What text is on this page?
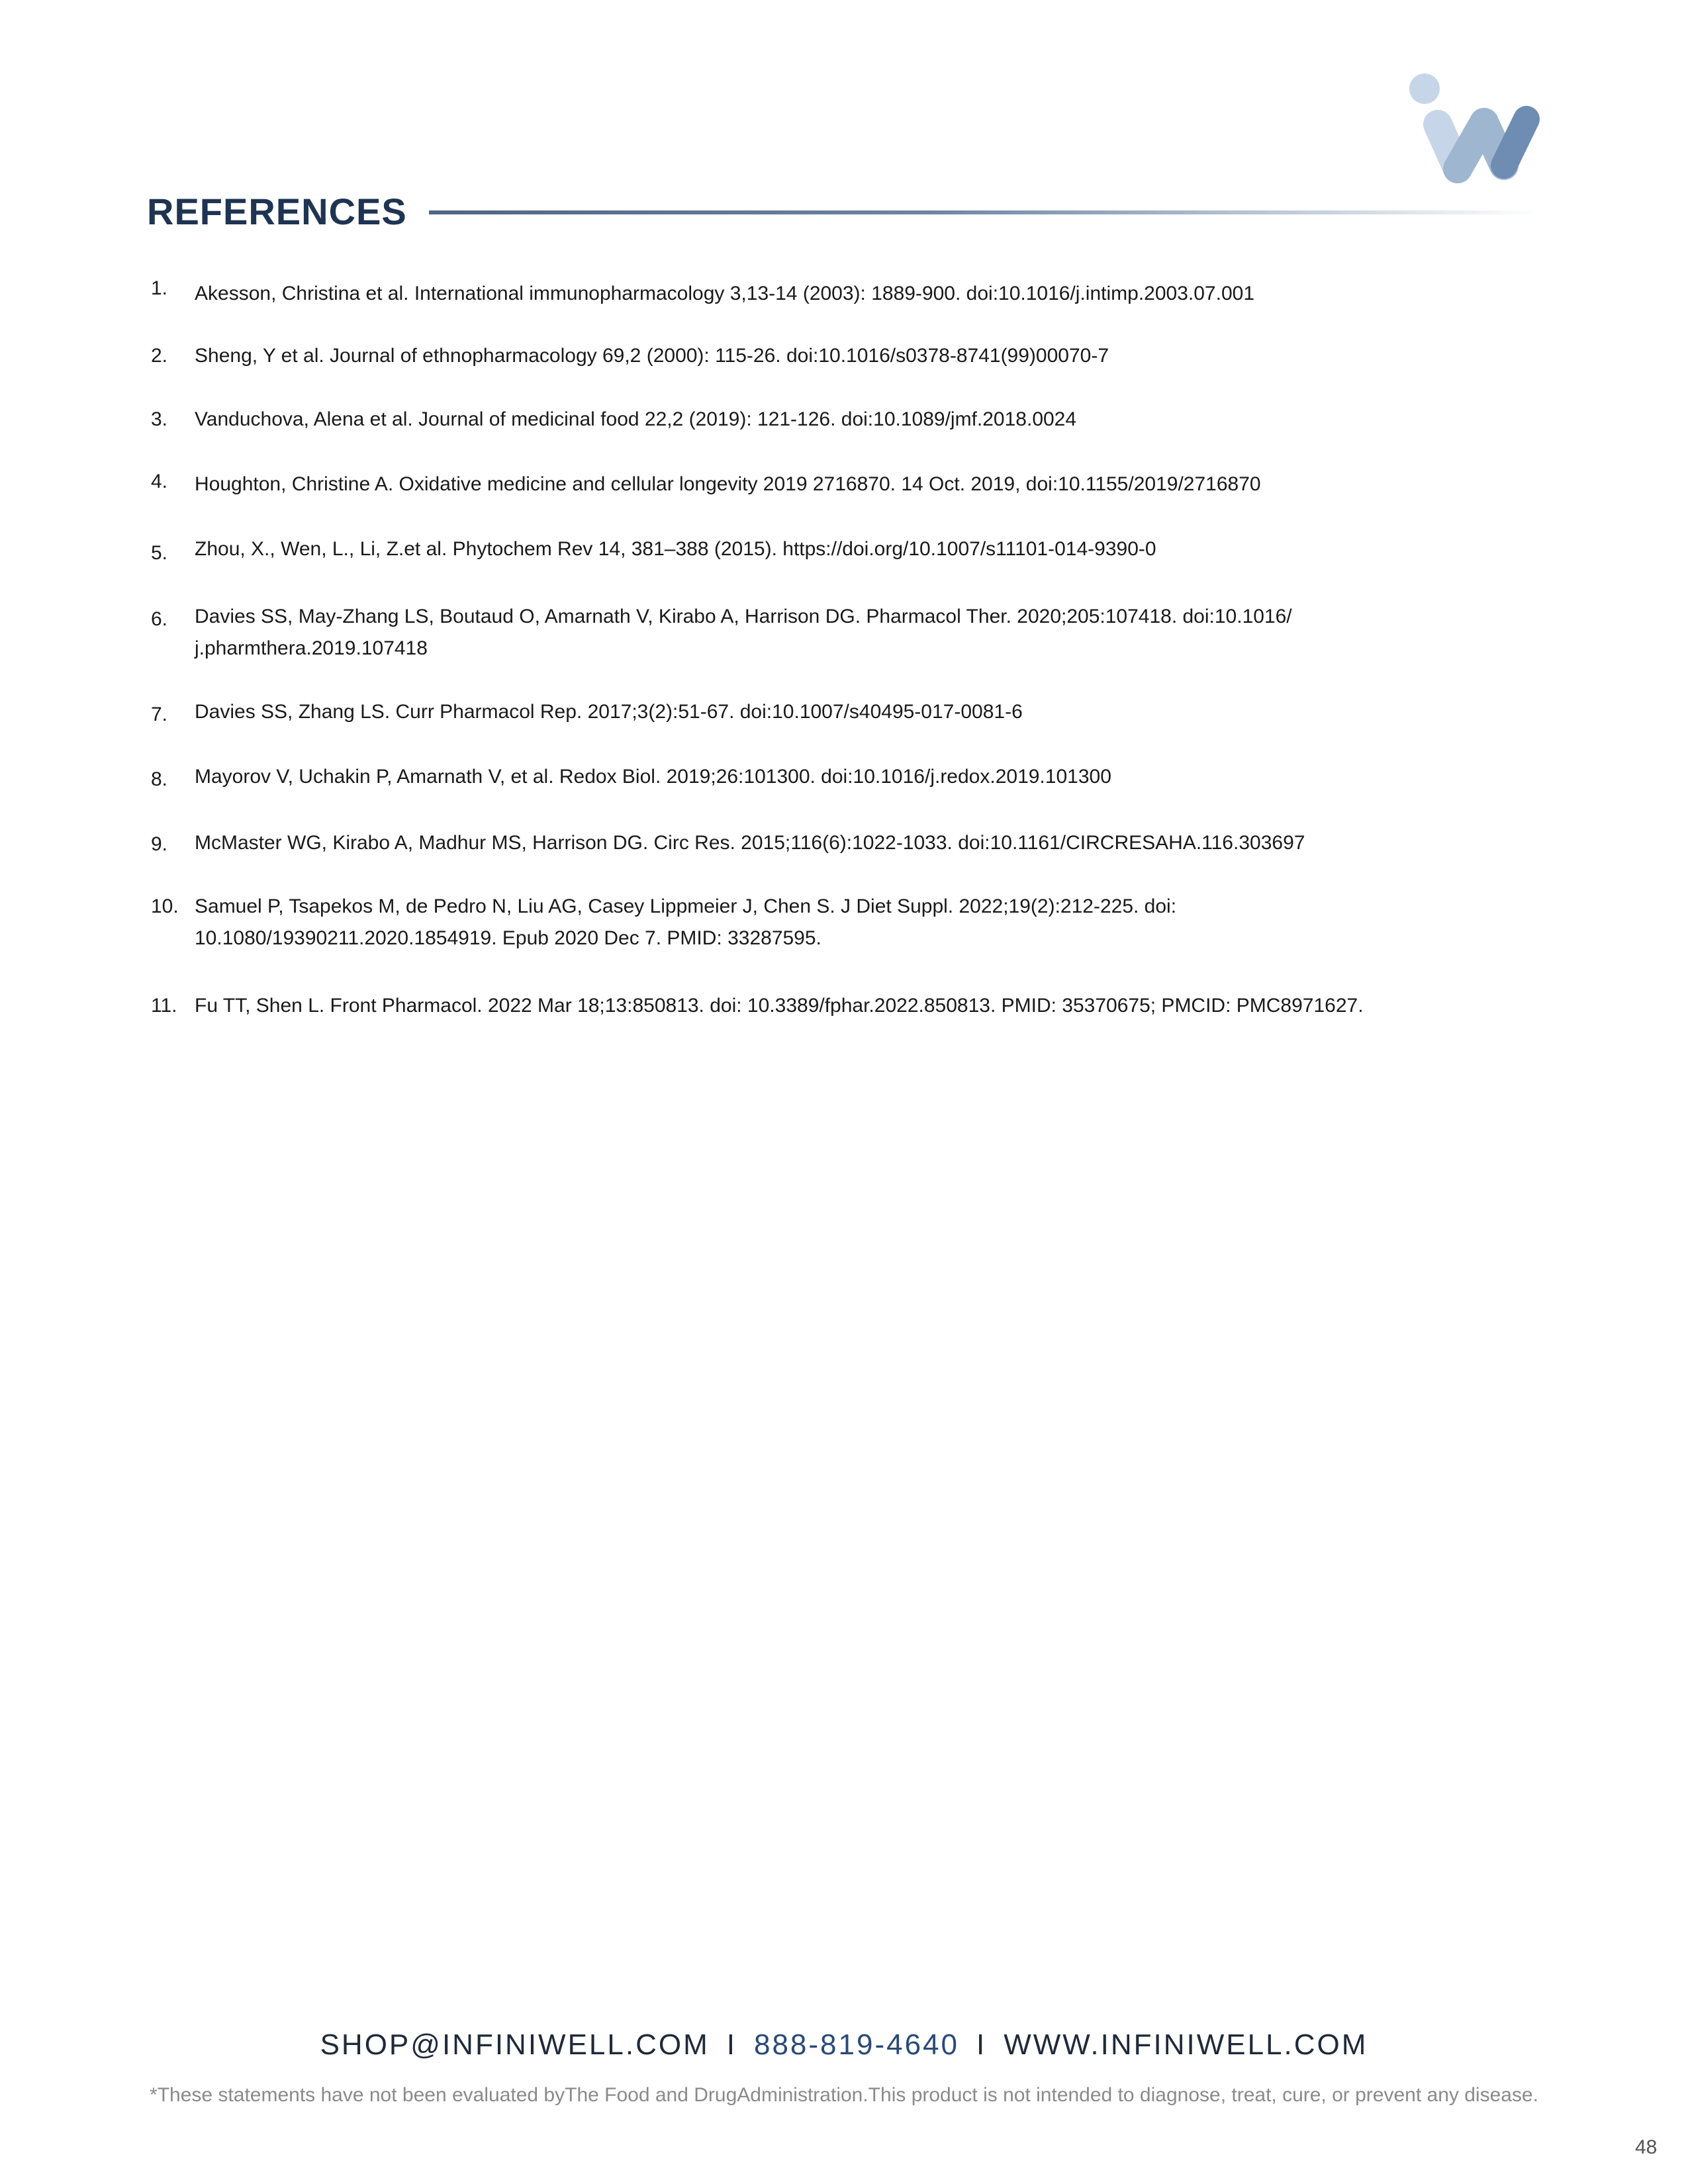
REFERENCES
1.	Akesson, Christina et al. International immunopharmacology 3,13-14 (2003): 1889-900. doi:10.1016/j.intimp.2003.07.001
2.	Sheng, Y et al. Journal of ethnopharmacology 69,2 (2000): 115-26. doi:10.1016/s0378-8741(99)00070-7
3.	Vanduchova, Alena et al. Journal of medicinal food 22,2 (2019): 121-126. doi:10.1089/jmf.2018.0024
4.	Houghton, Christine A. Oxidative medicine and cellular longevity 2019 2716870. 14 Oct. 2019, doi:10.1155/2019/2716870
5.	Zhou, X., Wen, L., Li, Z.et al. Phytochem Rev 14, 381–388 (2015). https://doi.org/10.1007/s11101-014-9390-0
6.	Davies SS, May-Zhang LS, Boutaud O, Amarnath V, Kirabo A, Harrison DG. Pharmacol Ther. 2020;205:107418. doi:10.1016/ j.pharmthera.2019.107418
7.	Davies SS, Zhang LS. Curr Pharmacol Rep. 2017;3(2):51-67. doi:10.1007/s40495-017-0081-6
8.	Mayorov V, Uchakin P, Amarnath V, et al. Redox Biol. 2019;26:101300. doi:10.1016/j.redox.2019.101300
9.	McMaster WG, Kirabo A, Madhur MS, Harrison DG. Circ Res. 2015;116(6):1022-1033. doi:10.1161/CIRCRESAHA.116.303697
10. Samuel P, Tsapekos M, de Pedro N, Liu AG, Casey Lippmeier J, Chen S. J Diet Suppl. 2022;19(2):212-225. doi: 10.1080/19390211.2020.1854919. Epub 2020 Dec 7. PMID: 33287595.
11. Fu TT, Shen L. Front Pharmacol. 2022 Mar 18;13:850813. doi: 10.3389/fphar.2022.850813. PMID: 35370675; PMCID: PMC8971627.
SHOP@INFINIWELL.COM I 888-819-4640 I WWW.INFINIWELL.COM
*These statements have not been evaluated byThe Food and DrugAdministration.This product is not intended to diagnose, treat, cure, or prevent any disease.
48
